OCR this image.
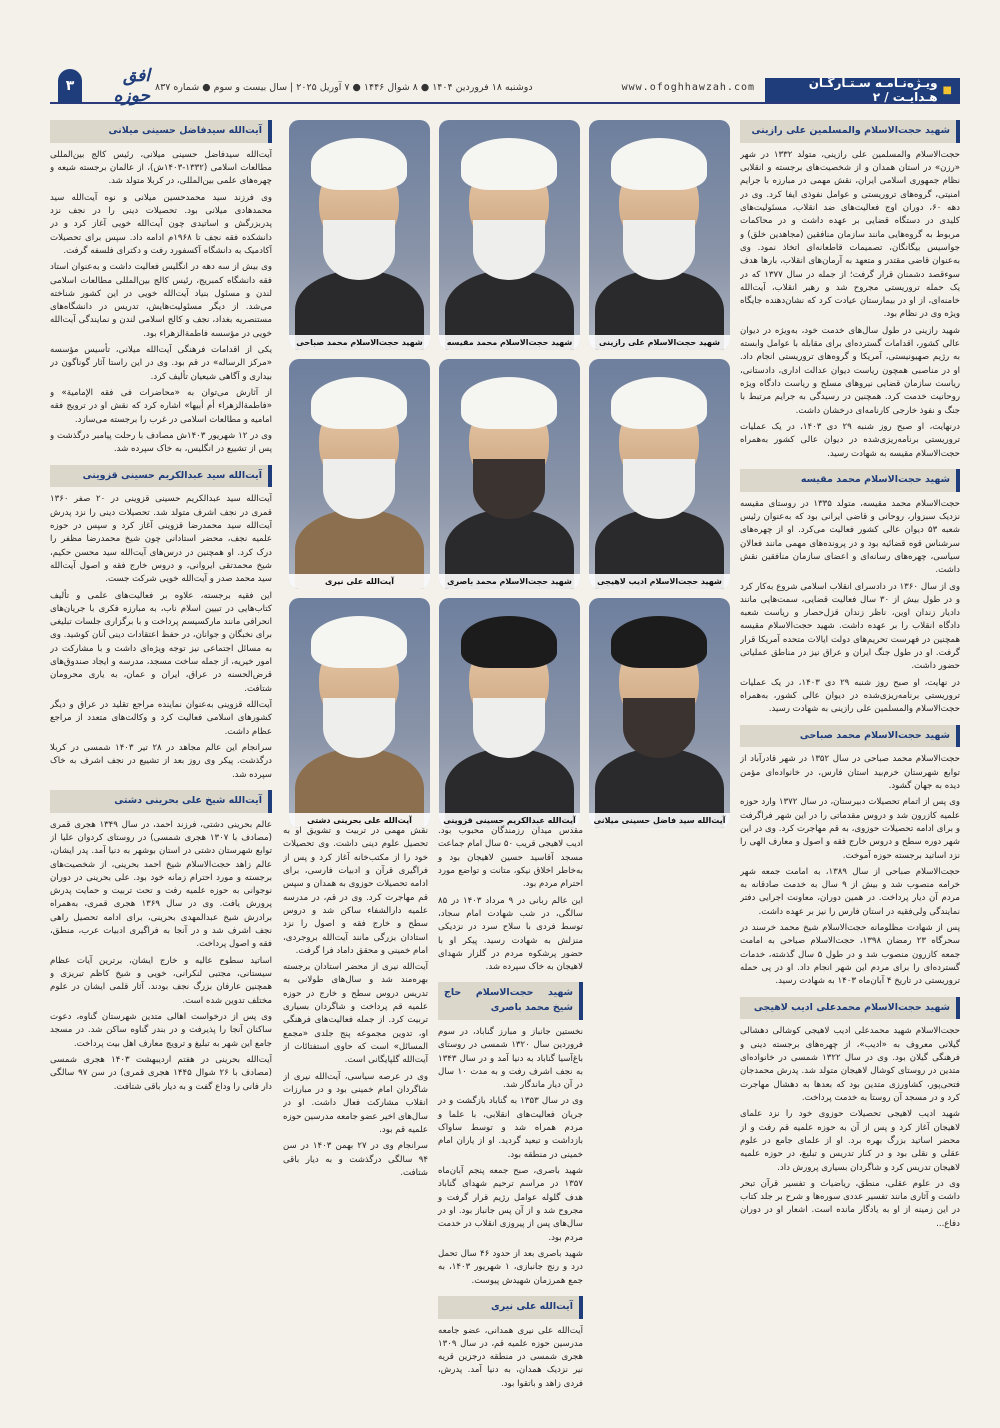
■
ویـژه‌نـامـه سـتـارگـان هـدایـت / ۲
www.ofoghhawzah.com
دوشنبه ۱۸ فروردین ۱۴۰۴ ● ۸ شوال ۱۴۴۶ ● ۷ آوریل ۲۰۲۵ | سال بیست و سوم ● شماره ۸۳۷
افق حوزه
۳
شهید حجت‌الاسلام والمسلمین علی رازینی

حجت‌الاسلام والمسلمین علی رازینی، متولد ۱۳۳۲ در شهر «رزن» در استان همدان و از شخصیت‌های برجسته و انقلابی نظام جمهوری اسلامی ایران، نقش مهمی در مبارزه با جرایم امنیتی، گروه‌های تروریستی و عوامل نفوذی ایفا کرد. وی در دهه ۶۰، دوران اوج فعالیت‌های ضد انقلاب، مسئولیت‌های کلیدی در دستگاه قضایی بر عهده داشت و در محاکمات مربوط به گروه‌هایی مانند سازمان منافقین (مجاهدین خلق) و جواسیس بیگانگان، تصمیمات قاطعانه‌ای اتخاذ نمود. وی به‌عنوان قاضی مقتدر و متعهد به آرمان‌های انقلاب، بارها هدف سوءقصد دشمنان قرار گرفت؛ از جمله در سال ۱۳۷۷ که در یک حمله تروریستی مجروح شد و رهبر انقلاب، آیت‌الله خامنه‌ای، از او در بیمارستان عیادت کرد که نشان‌دهنده جایگاه ویژه وی در نظام بود.

شهید رازینی در طول سال‌های خدمت خود، به‌ویژه در دیوان عالی کشور، اقدامات گسترده‌ای برای مقابله با عوامل وابسته به رژیم صهیونیستی، آمریکا و گروه‌های تروریستی انجام داد. او در مناصبی همچون ریاست دیوان عدالت اداری، دادستانی، ریاست سازمان قضایی نیروهای مسلح و ریاست دادگاه ویژه روحانیت خدمت کرد. همچنین در رسیدگی به جرایم مرتبط با جنگ و نفوذ خارجی کارنامه‌ای درخشان داشت.

درنهایت، او صبح روز شنبه ۲۹ دی ۱۴۰۳، در یک عملیات تروریستی برنامه‌ریزی‌شده در دیوان عالی کشور به‌همراه حجت‌الاسلام مقیسه به شهادت رسید.

شهید حجت‌الاسلام محمد مقیسه

حجت‌الاسلام محمد مقیسه، متولد ۱۳۳۵ در روستای مقیسه نزدیک سبزوار، روحانی و قاضی ایرانی بود که به‌عنوان رئیس شعبه ۵۳ دیوان عالی کشور فعالیت می‌کرد. او از چهره‌های سرشناس قوه قضائیه بود و در پرونده‌های مهمی مانند فعالان سیاسی، چهره‌های رسانه‌ای و اعضای سازمان منافقین نقش داشت.

وی از سال ۱۳۶۰ در دادسرای انقلاب اسلامی شروع به‌کار کرد و در طول بیش از ۳۰ سال فعالیت قضایی، سمت‌هایی مانند دادیار زندان اوین، ناظر زندان قزل‌حصار و ریاست شعبه دادگاه انقلاب را بر عهده داشت. شهید حجت‌الاسلام مقیسه همچنین در فهرست تحریم‌های دولت ایالات متحده آمریکا قرار گرفت. او در طول جنگ ایران و عراق نیز در مناطق عملیاتی حضور داشت.

در نهایت، او صبح روز شنبه ۲۹ دی ۱۴۰۳، در یک عملیات تروریستی برنامه‌ریزی‌شده در دیوان عالی کشور، به‌همراه حجت‌الاسلام والمسلمین علی رازینی به شهادت رسید.

شهید حجت‌الاسلام محمد صباحی

حجت‌الاسلام محمد صباحی در سال ۱۳۵۲ در شهر قادرآباد از توابع شهرستان خرم‌بید استان فارس، در خانواده‌ای مؤمن دیده به جهان گشود.

وی پس از اتمام تحصیلات دبیرستان، در سال ۱۳۷۲ وارد حوزه علمیه کازرون شد و دروس مقدماتی را در این شهر فراگرفت و برای ادامه تحصیلات حوزوی، به قم مهاجرت کرد. وی در این شهر دوره سطح و دروس خارج فقه و اصول و معارف الهی را نزد اساتید برجسته حوزه آموخت.

حجت‌الاسلام صباحی از سال ۱۳۸۹، به امامت جمعه شهر خرامه منصوب شد و بیش از ۹ سال به خدمت صادقانه به مردم آن دیار پرداخت. در همین دوران، معاونت اجرایی دفتر نمایندگی ولی‌فقیه در استان فارس را نیز بر عهده داشت.

پس از شهادت مظلومانه حجت‌الاسلام شیخ محمد خرسند در سحرگاه ۲۳ رمضان ۱۳۹۸، حجت‌الاسلام صباحی به امامت جمعه کازرون منصوب شد و در طول ۵ سال گذشته، خدمات گسترده‌ای را برای مردم این شهر انجام داد. او در پی حمله تروریستی در تاریخ ۴ آبان‌ماه ۱۴۰۳ به شهادت رسید.

شهید حجت‌الاسلام محمدعلی ادیب لاهیجی

حجت‌الاسلام شهید محمدعلی ادیب لاهیجی کوشالی دهشالی گیلانی معروف به «ادیب»، از چهره‌های برجسته دینی و فرهنگی گیلان بود. وی در سال ۱۳۲۲ شمسی در خانواده‌ای متدین در روستای کوشال لاهیجان متولد شد. پدرش محمدجان فتحی‌پور، کشاورزی متدین بود که بعدها به دهشال مهاجرت کرد و در مسجد آن روستا به خدمت پرداخت.

شهید ادیب لاهیجی تحصیلات حوزوی خود را نزد علمای لاهیجان آغاز کرد و پس از آن به حوزه علمیه قم رفت و از محضر اساتید بزرگ بهره برد. او از علمای جامع در علوم عقلی و نقلی بود و در کنار تدریس و تبلیغ، در حوزه علمیه لاهیجان تدریس کرد و شاگردان بسیاری پرورش داد.

وی در علوم عقلی، منطق، ریاضیات و تفسیر قرآن تبحر داشت و آثاری مانند تفسیر عددی سوره‌ها و شرح بر جلد کتاب در این زمینه از او به یادگار مانده است. اشعار او در دوران دفاع...

شهید حجت‌الاسلام علی رازینی
شهید حجت‌الاسلام محمد مقیسه
شهید حجت‌الاسلام محمد صباحی
شهید حجت‌الاسلام ادیب لاهیجی
شهید حجت‌الاسلام محمد باصری
آیت‌الله علی نیری
آیت‌الله سید فاضل حسینی میلانی
آیت‌الله عبدالکریم حسینی قزوینی
آیت‌الله علی بحرینی دشتی

مقدس میدان رزمندگان محبوب بود. ادیب لاهیجی قریب ۵۰ سال امام جماعت مسجد آقاسید حسین لاهیجان بود و به‌خاطر اخلاق نیکو، متانت و تواضع مورد احترام مردم بود.

این عالم ربانی در ۹ مرداد ۱۴۰۳ در ۸۵ سالگی، در شب شهادت امام سجاد، توسط فردی با سلاح سرد در نزدیکی منزلش به شهادت رسید. پیکر او با حضور پرشکوه مردم در گلزار شهدای لاهیجان به خاک سپرده شد.

شهید حجت‌الاسلام حاج شیخ محمد باصری

نخستین جانباز و مبارز گناباد، در سوم فروردین سال ۱۳۲۰ شمسی در روستای باغ‌آسیا گناباد به دنیا آمد و در سال ۱۳۴۳ به نجف اشرف رفت و به مدت ۱۰ سال در آن دیار ماندگار شد.

وی در سال ۱۳۵۳ به گناباد بازگشت و در جریان فعالیت‌های انقلابی، با علما و مردم همراه شد و توسط ساواک بازداشت و تبعید گردید. او از یاران امام خمینی در منطقه بود.

شهید باصری، صبح جمعه پنجم آبان‌ماه ۱۳۵۷ در مراسم ترحیم شهدای گناباد هدف گلوله عوامل رژیم قرار گرفت و مجروح شد و از آن پس جانباز بود. او در سال‌های پس از پیروزی انقلاب در خدمت مردم بود.

شهید باصری بعد از حدود ۴۶ سال تحمل درد و رنج جانبازی، ۱ شهریور ۱۴۰۳، به جمع همرزمان شهیدش پیوست.

آیت‌الله علی نیری

آیت‌الله علی نیری همدانی، عضو جامعه مدرسین حوزه علمیه قم، در سال ۱۳۰۹ هجری شمسی در منطقه درجزین قریه نیر نزدیک همدان، به دنیا آمد. پدرش، فردی زاهد و باتقوا بود.

نقش مهمی در تربیت و تشویق او به تحصیل علوم دینی داشت. وی تحصیلات خود را از مکتب‌خانه آغاز کرد و پس از فراگیری قرآن و ادبیات فارسی، برای ادامه تحصیلات حوزوی به همدان و سپس قم مهاجرت کرد. وی در قم، در مدرسه علمیه دارالشفاء ساکن شد و دروس سطح و خارج فقه و اصول را نزد استادان بزرگی مانند آیت‌الله بروجردی، امام خمینی و محقق داماد فرا گرفت.

آیت‌الله نیری از محضر استادان برجسته بهره‌مند شد و سال‌های طولانی به تدریس دروس سطح و خارج در حوزه علمیه قم پرداخت و شاگردان بسیاری تربیت کرد. از جمله فعالیت‌های فرهنگی او، تدوین مجموعه پنج جلدی «مجمع المسائل» است که حاوی استفتائات از آیت‌الله گلپایگانی است.

وی در عرصه سیاسی، آیت‌الله نیری از شاگردان امام خمینی بود و در مبارزات انقلاب مشارکت فعال داشت. او در سال‌های اخیر عضو جامعه مدرسین حوزه علمیه قم بود.

سرانجام وی در ۲۷ بهمن ۱۴۰۳ در سن ۹۴ سالگی درگذشت و به دیار باقی شتافت.

آیت‌الله سیدفاضل حسینی میلانی

آیت‌الله سیدفاضل حسینی میلانی، رئیس کالج بین‌المللی مطالعات اسلامی (۱۳۳۲-۱۴۰۳ش)، از عالمان برجسته شیعه و چهره‌های علمی بین‌المللی، در کربلا متولد شد.

وی فرزند سید محمدحسین میلانی و نوه آیت‌الله سید محمدهادی میلانی بود. تحصیلات دینی را در نجف نزد پدربزرگش و اساتیدی چون آیت‌الله خویی آغاز کرد و در دانشکده فقه نجف تا ۱۹۶۸م ادامه داد. سپس برای تحصیلات آکادمیک به دانشگاه آکسفورد رفت و دکترای فلسفه گرفت.

وی بیش از سه دهه در انگلیس فعالیت داشت و به‌عنوان استاد فقه دانشگاه کمبریج، رئیس کالج بین‌المللی مطالعات اسلامی لندن و مسئول بنیاد آیت‌الله خویی در این کشور شناخته می‌شد. از دیگر مسئولیت‌هایش، تدریس در دانشگاه‌های مستنصریه بغداد، نجف و کالج اسلامی لندن و نمایندگی آیت‌الله خویی در مؤسسه فاطمة‌الزهراء بود.

یکی از اقدامات فرهنگی آیت‌الله میلانی، تأسیس مؤسسه «مرکز الرساله» در قم بود. وی در این راستا آثار گوناگون در بیداری و آگاهی شیعیان تألیف کرد.

از آثارش می‌توان به «محاضرات فی فقه الإمامیة» و «فاطمة‌الزهراء أم أبیها» اشاره کرد که نقش او در ترویج فقه امامیه و مطالعات اسلامی در غرب را برجسته می‌سازد.

وی در ۱۲ شهریور ۱۴۰۳ش مصادف با رحلت پیامبر درگذشت و پس از تشییع در انگلیس، به خاک سپرده شد.

آیت‌الله سید عبدالکریم حسینی قزوینی

آیت‌الله سید عبدالکریم حسینی قزوینی در ۲۰ صفر ۱۳۶۰ قمری در نجف اشرف متولد شد. تحصیلات دینی را نزد پدرش آیت‌الله سید محمدرضا قزوینی آغاز کرد و سپس در حوزه علمیه نجف، محضر استادانی چون شیخ محمدرضا مظفر را درک کرد. او همچنین در درس‌های آیت‌الله سید محسن حکیم، شیخ محمدتقی ایروانی، و دروس خارج فقه و اصول آیت‌الله سید محمد صدر و آیت‌الله خویی شرکت جست.

این فقیه برجسته، علاوه بر فعالیت‌های علمی و تألیف کتاب‌هایی در تبیین اسلام ناب، به مبارزه فکری با جریان‌های انحرافی مانند مارکسیسم پرداخت و با برگزاری جلسات تبلیغی برای نخبگان و جوانان، در حفظ اعتقادات دینی آنان کوشید. وی به مسائل اجتماعی نیز توجه ویژه‌ای داشت و با مشارکت در امور خیریه، از جمله ساخت مسجد، مدرسه و ایجاد صندوق‌های قرض‌الحسنه در عراق، ایران و عمان، به یاری محرومان شتافت.

آیت‌الله قزوینی به‌عنوان نماینده مراجع تقلید در عراق و دیگر کشورهای اسلامی فعالیت کرد و وکالت‌های متعدد از مراجع عظام داشت.

سرانجام این عالم مجاهد در ۲۸ تیر ۱۴۰۳ شمسی در کربلا درگذشت. پیکر وی روز بعد از تشییع در نجف اشرف به خاک سپرده شد.

آیت‌الله شیخ علی بحرینی دشتی

عالم بحرینی دشتی، فرزند احمد، در سال ۱۳۴۹ هجری قمری (مصادف با ۱۳۰۷ هجری شمسی) در روستای کردوان علیا از توابع شهرستان دشتی در استان بوشهر به دنیا آمد. پدر ایشان، عالم زاهد حجت‌الاسلام شیخ احمد بحرینی، از شخصیت‌های برجسته و مورد احترام زمانه خود بود. علی بحرینی در دوران نوجوانی به حوزه علمیه رفت و تحت تربیت و حمایت پدرش پرورش یافت. وی در سال ۱۳۶۹ هجری قمری، به‌همراه برادرش شیخ عبدالمهدی بحرینی، برای ادامه تحصیل راهی نجف اشرف شد و در آنجا به فراگیری ادبیات عرب، منطق، فقه و اصول پرداخت.

اساتید سطوح عالیه و خارج ایشان، برترین آیات عظام سیستانی، مجتبی لنکرانی، خویی و شیخ کاظم تبریزی و همچنین عارفان بزرگ نجف بودند. آثار قلمی ایشان در علوم مختلف تدوین شده است.

وی پس از درخواست اهالی متدین شهرستان گناوه، دعوت ساکنان آنجا را پذیرفت و در بندر گناوه ساکن شد. در مسجد جامع این شهر به تبلیغ و ترویج معارف اهل بیت پرداخت.

آیت‌الله بحرینی در هفتم اردیبهشت ۱۴۰۳ هجری شمسی (مصادف با ۲۶ شوال ۱۴۴۵ هجری قمری) در سن ۹۷ سالگی دار فانی را وداع گفت و به دیار باقی شتافت.
